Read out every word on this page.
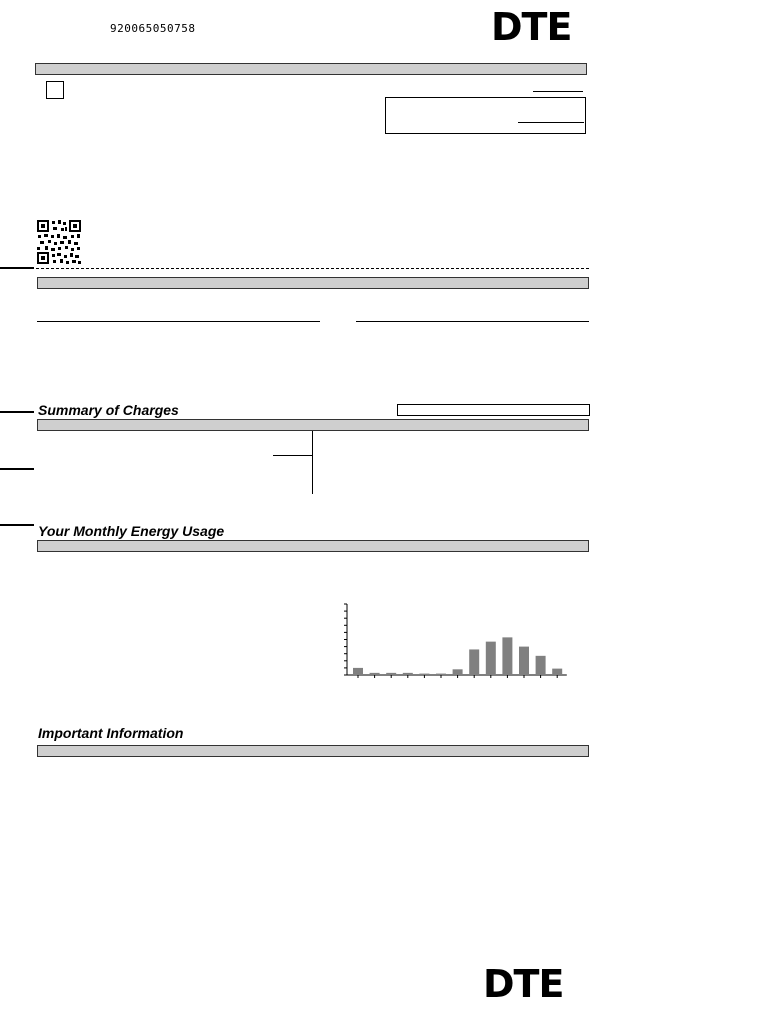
920065050758	DTE
Summary of Charges
Your Monthly Energy Usage
Important Information
DTE
